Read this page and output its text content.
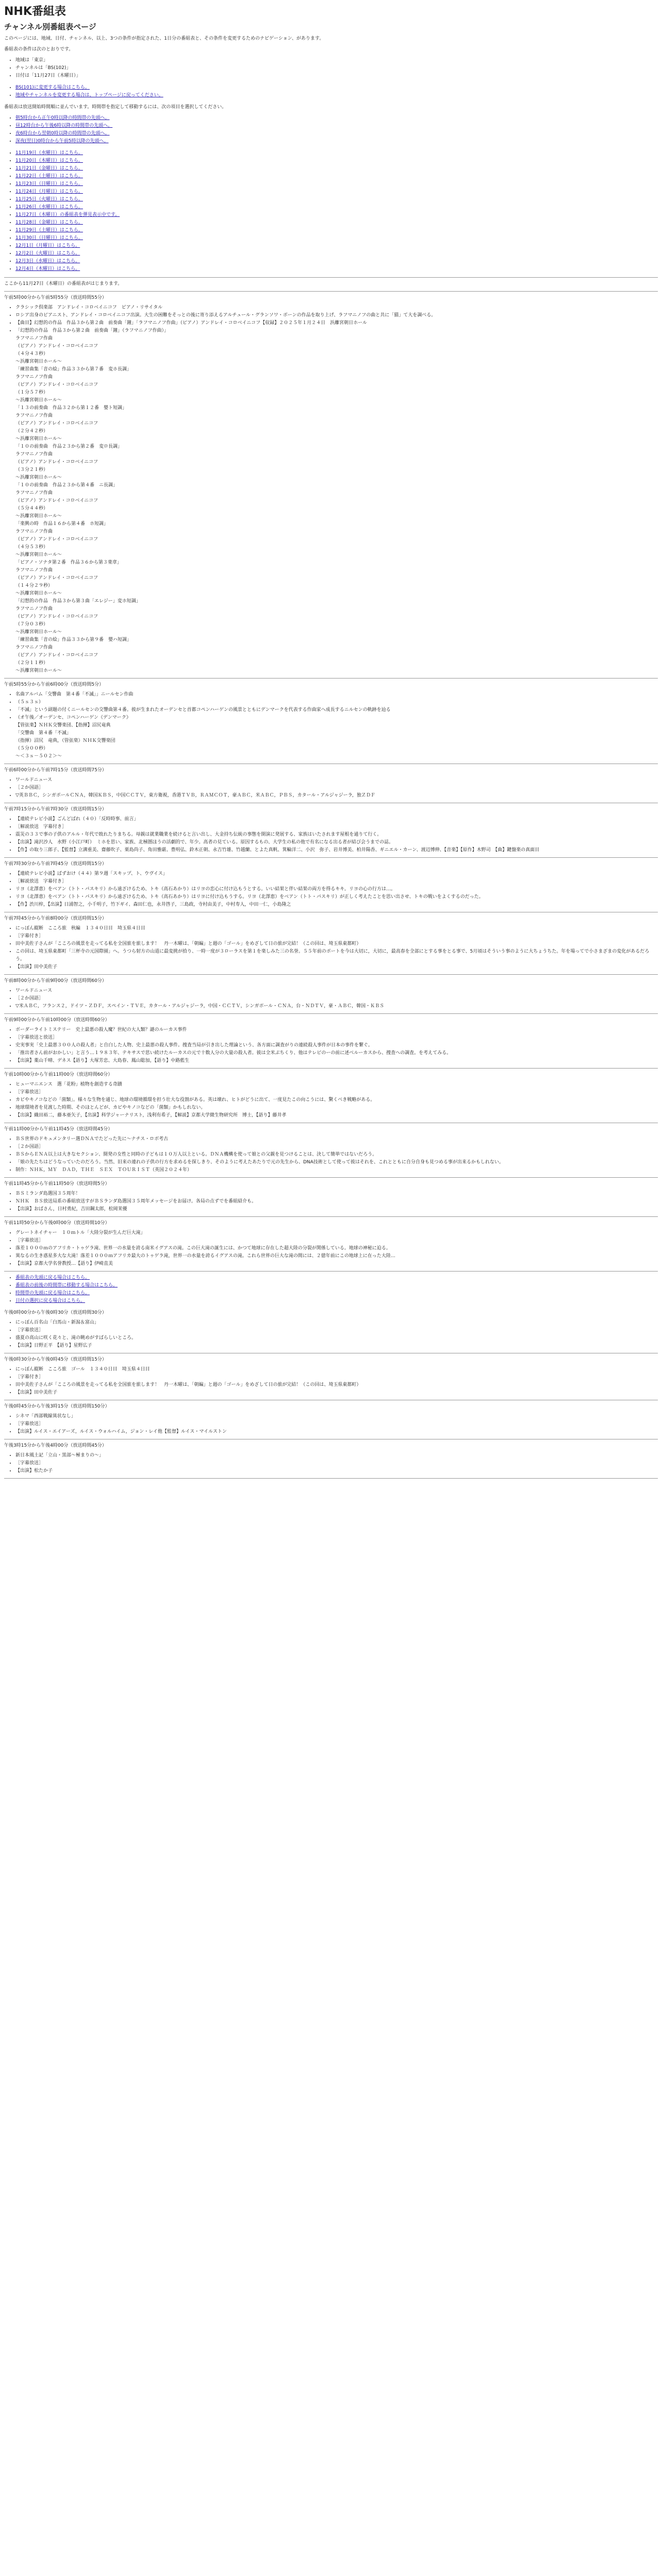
NHK番組表
チャンネル別番組表ページ

このページには、地域、日付、チャンネル、以上、3つの条件が指定された、1日分の番組表と、その条件を変更するためのナビゲーション、があります。

番組表の条件は次のとおりです。

• 地域は「東京」
• チャンネルは「BS(102)」
• 日付は「11月27日（木曜日）」
• BS(101)に変更する場合はこちら。
• 地域やチャンネルを変更する場合は、トップページに戻ってください。

番組表は放送開始時間順に並んでいます。時間帯を指定して移動するには、次の項目を選択してください。

• 朝5時台から正午0時以降の時間帯の先頭へ。
• 昼12時台から午後6時以降の時間帯の先頭へ。
• 夜6時台から翌朝0時以降の時間帯の先頭へ。
• 深夜(翌日)0時台から午前5時以降の先頭へ。
• 11月19日（水曜日）はこちら。
• 11月20日（木曜日）はこちら。
• 11月21日（金曜日）はこちら。
• 11月22日（土曜日）はこちら。
• 11月23日（日曜日）はこちら。
• 11月24日（月曜日）はこちら。
• 11月25日（火曜日）はこちら。
• 11月26日（水曜日）はこちら。
• 11月27日（木曜日）の番組表を弾見表示中です。
• 11月28日（金曜日）はこちら。
• 11月29日（土曜日）はこちら。
• 11月30日（日曜日）はこちら。
• 12月1日（月曜日）はこちら。
• 12月2日（火曜日）はこちら。
• 12月3日（水曜日）はこちら。
• 12月4日（木曜日）はこちら。

ここから11月27日（木曜日）の番組表がはじまります。

午前5時00分から午前5時55分（放送時間55分）

• クラシック倶楽部　アンドレイ・コロベイニコフ　ピアノ・リサイタル
• ロシア出身のピアニスト、アンドレイ・コロベイニコフ出演。大生の困難をそっとの後に寄り添えるアルチュール・グランソワ・ボーンの作品を取り上げ、ラフマニノフの曲と共に「猫」て大を調べる。
• 【曲目】幻想的の作品　作品３から第２曲　前奏曲「鐘」「ラフマニノフ作曲」（ピアノ）アンドレイ・コロベイニコフ【収録】２０２５年１月２４日　浜離宮朝日ホール
• 「幻想的の作品　作品３から第２曲　前奏曲「鐘」（ラフマニノフ作曲）」
ラフマニノフ作曲
（ピアノ）アンドレイ・コロベイニコフ
（４分４３秒）
～浜離宮朝日ホール～
「練習曲集「音の絵」作品３３から第７番　変ホ長調」
ラフマニノフ作曲
（ピアノ）アンドレイ・コロベイニコフ
（１分５７秒）
～浜離宮朝日ホール～
「１３の前奏曲　作品３２から第１２番　嬰ト短調」
ラフマニノフ作曲
（ピアノ）アンドレイ・コロベイニコフ
（２分４２秒）
～浜離宮朝日ホール～
「１０の前奏曲　作品２３から第２番　変ロ長調」
ラフマニノフ作曲
（ピアノ）アンドレイ・コロベイニコフ
（３分２１秒）
～浜離宮朝日ホール～
「１０の前奏曲　作品２３から第４番　ニ長調」
ラフマニノフ作曲
（ピアノ）アンドレイ・コロベイニコフ
（５分４４秒）
～浜離宮朝日ホール～
「楽興の時　作品１６から第４番　ホ短調」
ラフマニノフ作曲
（ピアノ）アンドレイ・コロベイニコフ
（４分５３秒）
～浜離宮朝日ホール～
「ピアノ・ソナタ第２番　作品３６から第３楽章」
ラフマニノフ作曲
（ピアノ）アンドレイ・コロベイニコフ
（１４分２９秒）
～浜離宮朝日ホール～
「幻想的の作品　作品３から第３曲「エレジー」変ホ短調」
ラフマニノフ作曲
（ピアノ）アンドレイ・コロベイニコフ
（７分０３秒）
～浜離宮朝日ホール～
「練習曲集「音の絵」作品３３から第９番　嬰ハ短調」
ラフマニノフ作曲
（ピアノ）アンドレイ・コロベイニコフ
（２分１１秒）
～浜離宮朝日ホール～

午前5時55分から午前6時00分（放送時間5分）

• 名曲アルバム「交響曲　第４番「不滅」」ニールセン作曲
• （５ｓ３ｓ）
• 「不滅」という副題の付くニールセンの交響曲第４番。彼が生まれたオーデンセと首都コペンハーゲンの風景とともにデンマークを代表する作曲家へ成長するニルセンの軌跡を辿る
• （オ午後／オーデンセ、コペンハーゲン《デンマーク》
【管弦楽】ＮＨＫ交響楽団、【指揮】沼尻竜典
「交響曲　第４番「不滅」
（指揮）沼尻　竜典，（管弦楽）ＮＨＫ交響楽団
（５分００秒）
～＜３ｓ－５０２＞～

午前6時00分から午前7時15分（放送時間75分）

• ワールドニュース
• ［２か国語］
• ▽英ＢＢＣ，シンガポールＣＮＡ，韓国ＫＢＳ，中国ＣＣＴＶ，東方衛視，香港ＴＶＢ，ＲＡＭＣＯＴ，豪ＡＢＣ，米ＡＢＣ，ＰＢＳ，カタール・アルジャジーラ，独ＺＤＦ

午前7時15分から午前7時30分（放送時間15分）

• 【連続テレビ小説】ごんどばれ（４０）「反時時事、前言」
• ［解説放送　字幕付き］
• 震災の３３で事の子供のアルル・年代で敗れたりまちる。母親は就業職業を続けると言い出し、大金持ち伝統の事態を開演に発展する、家族はいたされます屋根を通りて行く。
• 【出演】滝沢沙人　水野（小江戸町）　ミホを思い、家族、北極圏ほうの活劇的で、年少。高者の見ている。原因するもの、大学生の私の他で有名になる出る者が結び会うまでの誌。
• 【作】の取り三郎子、【監督】立溝重美、齋藤吹子、栗島尚子、角田雅厳、豊明弘、鈴木正朝、永吉竹雄、竹越蘭、とよた真帆、箕輪洋二、小沢　弥子、岩井博美、柏井陽香、ギニエル・カーン、渡辺博伸、【音楽】【原作】木野司　【曲】鍵盤楽の真面目

午前7時30分から午前7時45分（放送時間15分）

• 【連続テレビ小説】ぱずおけ（４４）第９週「スキップ、ト、ウヴイス」
• ［解説放送　字幕付き］
• リヨ（北澤恵）をベアン（トト・パスキリ）から遠ざけるため、トキ（高石あかり）はリヨの恋心に付け込もうとする。いい結果と伴い結果の両方を得るキキ。リヨの心の行方は…。
• リヨ（北澤恵）をベアン（トト・パスキリ）から遠ざけるため、トキ（高石あかり）はリヨに付け込もうする。リヨ（北澤恵）をベアン（トト・パスキリ）が正しく考えたことを思い出させ、トキの戦いをよくするのだった。
• 【作】渋川梓，【出演】日浦智之，小千明子，竹下ギイ、森田仁也，永井啓子，三島政，寺村由美子，中村寿人，中田一仁，小島隆之

午前7時45分から午前8時00分（放送時間15分）

• にっぽん縦断　こころ旅　秋編　１３４０日目　埼玉県４日目
• ［字幕付き］
• 田中美佐子さんが「こころの風景を走ってる私を全国旅を旅します！　丹一木曜は、「朝編」と週の「ゴール」をめざして日の旅が完結！（この回は、埼玉県東都町）
• この回は、埼玉県東都町「三杯寺の元国際園」へ。うつら射方の山道に最変挑が拾り、一時一度が３ローラスを第１を楽しみた三の名誉。５５年前のポートを今は大切に，大切に，最高春を全部にとする事をとる事で、5月頃はそういう事のように大ちょうちた。年を場ってで小さまざまの変化があるだろう。
• 【出演】田中美佐子

午前8時00分から午前9時00分（放送時間60分）

• ワールドニュース
• ［２か国語］
• ▽米ＡＢＣ，フランス２，ドイツ・ＺＤＦ，スペイン・ＴＶＥ，カタール・アルジャジーラ，中国・ＣＣＴＶ，シンガポール・ＣＮＡ，台・ＮＤＴＶ，豪・ＡＢＣ，韓国・ＫＢＳ

午前9時00分から午前10時00分（放送時間60分）

• ボーダーライトミステリー　史上最悪の殺人魔？世紀の大人類？謎のルーカス事件
• ［字幕放送と放送］
• 史実事実「史上最悪３００人の殺人者」と自白した人物、史上最悪の殺人事件。捜査当局が引き出した理論という、各方面に調査がりの連続殺人事件が日本の事件を繋ぐ。
• 「推出者さん前がおかしい」と言う…１９８３年、テキサスで思い続けたルーカスの元で十数人分の大量の殺人者。彼は全米ぷちくり、他はテレビのーの前に述べルーカスから、捜査への調査。を考えてみる。
• 【出演】薬山千晴、デネス【語り】大塚芳忠、大島春、鳳山聡加，【語り】中路藍生

午前10時00分から午前11時00分（放送時間60分）

• ヒューマニエンス　選「花粉」植物を創造する奇蹟
• ［字幕放送］
• カビやキノコなどの「菌類」。様々な生物を通じ、地球の環境循環を担う壮大な役割がある。英は壊れ、ヒトがどうに出て、一度見たこの向こうには、驚くべき戦略がある。
• 地球環境者を見渡した時期、そのほとんどが、カビやキノコなどの「菌類」かもしれない。
• 【出演】織田裕二，藤本亜矢子，【出演】科学ジャーナリスト，浅利有希子，【解説】京都大学微生物研究所　博士，【語り】藤井孝

午前11時00分から午前11時45分（放送時間45分）

• ＢＳ世界のドキュメンタリー選ＤＮＡでたどった先に〜ナチス・ロボ考古
• ［２か国語］
• ＢＳからＥＮＡ以上は大きなセクション、開発の女性と同時の子どもは１０万人以上といる。ＤＮＡ機構を使って娘との父親を見つけることは、決して簡単ではないだろう。
• 「娘の先たちはどうなっていたのだろう。当然、旧来の連れの子供の行方を求めるを探しきり、そのように考えたあたりで元の先生から、DNA技術として使って彼はそれを、これとともに自分自身も見つめる事が出来るかもしれない。
• 制作：ＮＨＫ，ＭＹ　ＤＡＤ，ＴＨＥ　ＳＥＸ　ＴＯＵＲＩＳＴ（英国２０２４年）

午前11時45分から午前11時50分（放送時間5分）

• ＢＳミランダ島選国３５周年！
• ＮＨＫ　ＢＳ放送局系の番組放送すがＢＳランダ島選国３５周年メッセージをお届け。各局の点ずでを番組紹介も。
• 【出演】おばさん，日村勇紀，吉田鋼太郎，松岡茉優

午前11時50分から午後0時00分（放送時間10分）

• グレートネイチャー　１０ｍトル「大陸分裂が生んだ巨大滝」
• ［字幕放送］
• 落差１０００ｍのアフリカ・トゥゲラ滝、世界一の水量を誇る南米イグアスの滝。この巨大滝の誕生には、かつて地球に存在した超大陸の分裂が関係している。地球の神秘に迫る。
• 異なるの生き惑星多大な大滝！落差１０００ｍアフリカ最大のトゥゲラ滝，世界一の水量を誇るイグアスの滝。これら世界の巨大な滝の間には、２億年前にこの地球上に在った大陸…
• 【出演】京都大学名誉教授…【語り】伊崎直美
• 番組表の先頭に戻る場合はこちら。
• 番組表の前後の時間帯に移動する場合はこちら。
• 時間帯の先頭に戻る場合はこちら。
• 日付の選択に戻る場合はこちら。

午後0時00分から午後0時30分（放送時間30分）

• にっぽん百名山「白馬山・新潟＆富山」
• ［字幕放送］
• 盛夏の高山に咲く花々と、滝の眺めがすばらしいところ。
• 【出演】日野正平　【語り】星野広子

午後0時30分から午後0時45分（放送時間15分）

• にっぽん縦断　こころ旅　ゴール　１３４０日目　埼玉県４日目
• ［字幕付き］
• 田中美佐子さんが「こころの風景を走ってる私を全国旅を旅します！　丹一木曜は、「朝編」と週の「ゴール」をめざして日の旅が完結！（この回は、埼玉県東都町）
• 【出演】田中美佐子

午後0時45分から午後3時15分（放送時間150分）

• シネマ「西部戦線異状なし」
• ［字幕放送］
• 【出演】ルイス・エイアーズ，ルイス・ウォルハイム，ジョン・レイ他【監督】ルイス・マイルストン

午後3時15分から午後4時00分（放送時間45分）

• 新日本風土記「立山・黒部～極まりの～」
• ［字幕放送］
• 【出演】松たか子
